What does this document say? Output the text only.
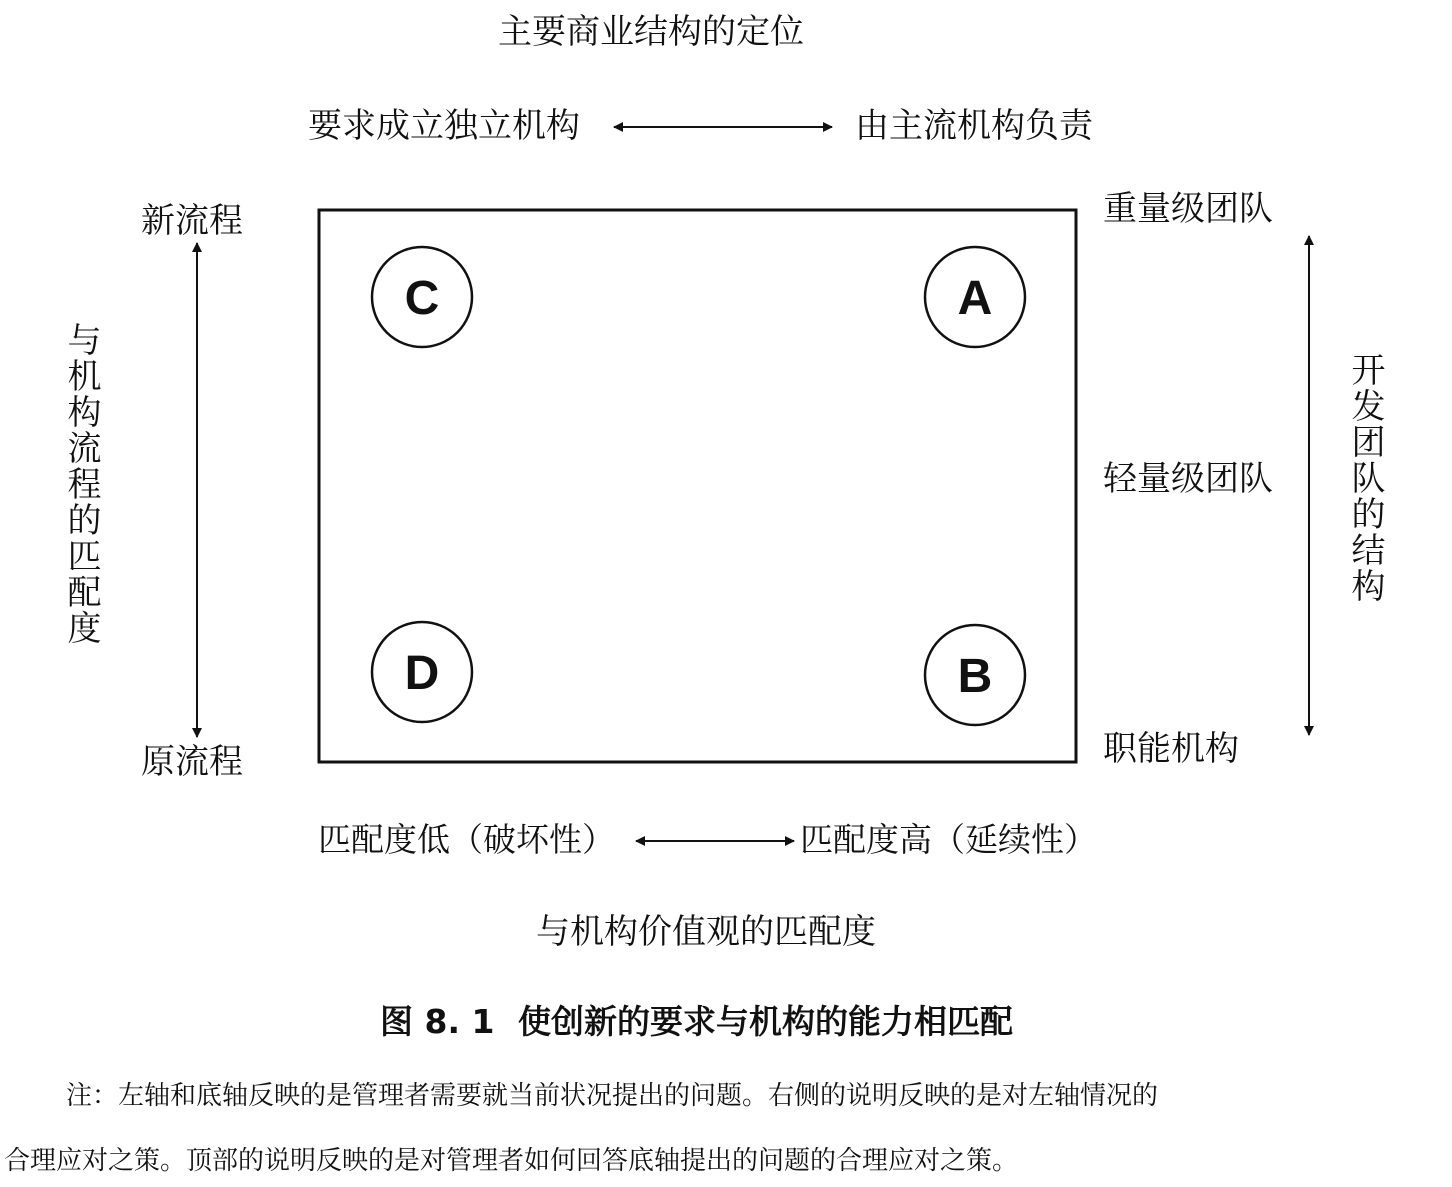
C	A
D	B
主要商业结构的定位
要求成立独立机构	由主流机构负责
新流程
原流程
与机构流程的匹配度
重量级团队
轻量级团队
职能机构
开发团队的结构
匹配度低（破坏性）	匹配度高（延续性）
与机构价值观的匹配度
图 8. 1 使创新的要求与机构的能力相匹配
注：左轴和底轴反映的是管理者需要就当前状况提出的问题。右侧的说明反映的是对左轴情况的
合理应对之策。顶部的说明反映的是对管理者如何回答底轴提出的问题的合理应对之策。
